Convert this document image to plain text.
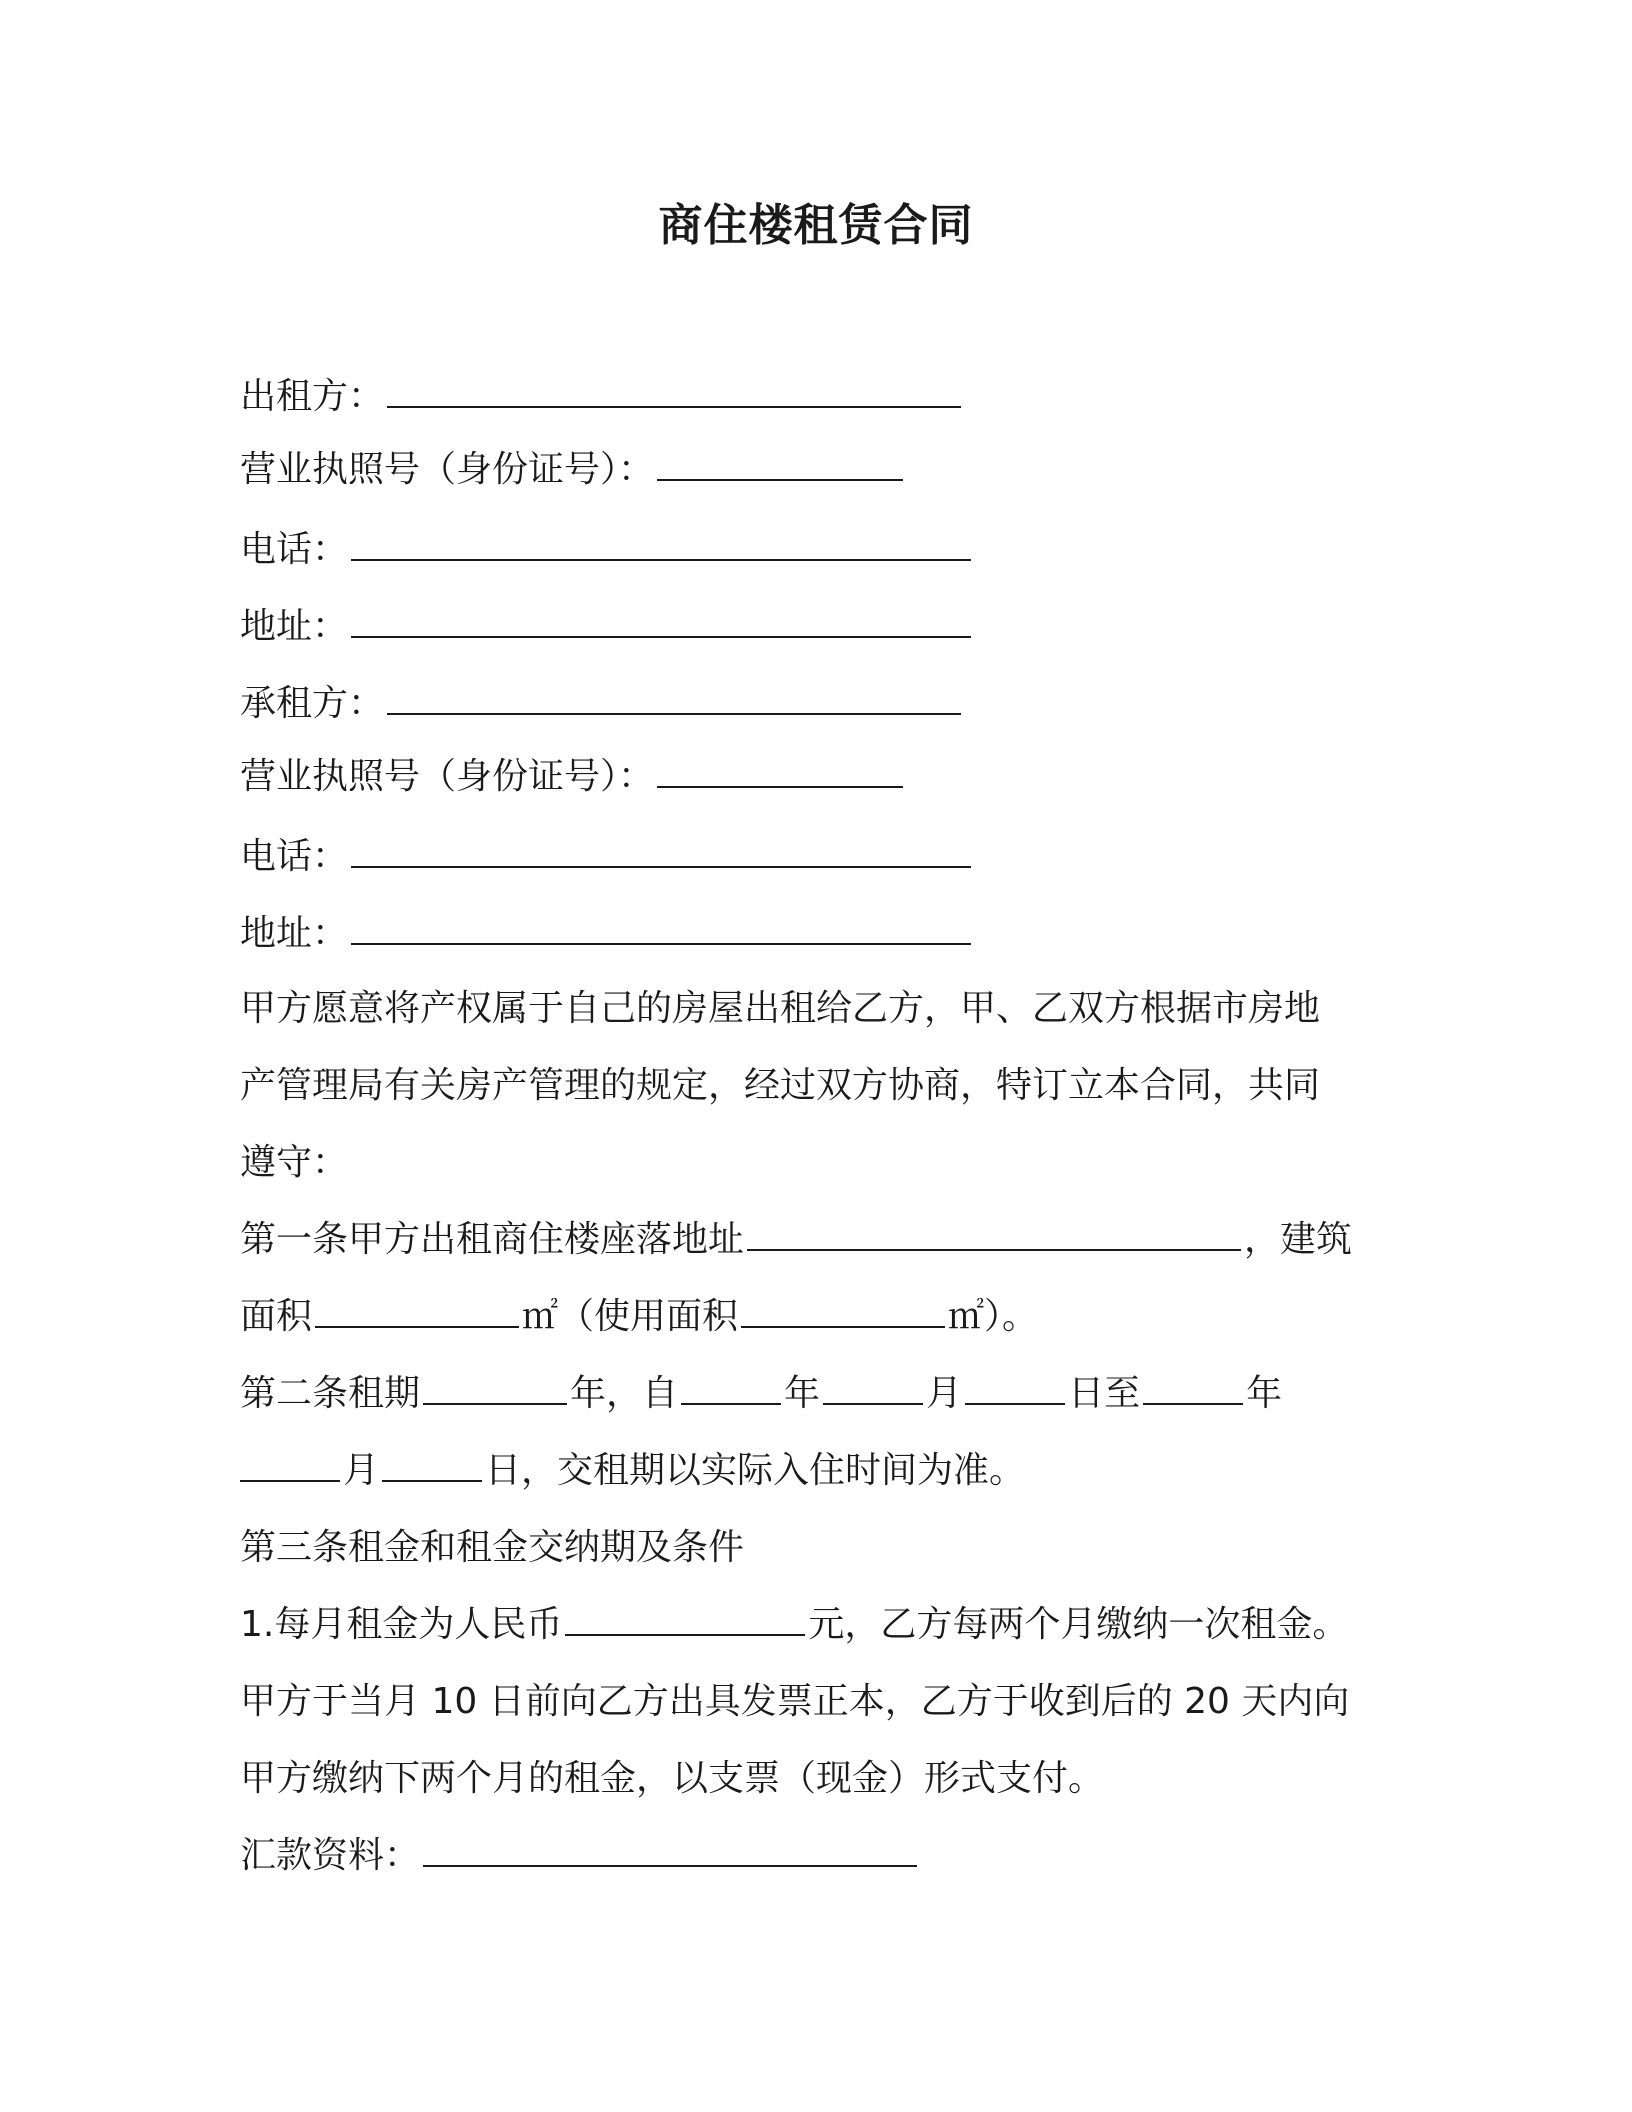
商住楼租赁合同
出租方：
营业执照号（身份证号）：
电话：
地址：
承租方：
营业执照号（身份证号）：
电话：
地址：
甲方愿意将产权属于自己的房屋出租给乙方，甲、乙双方根据市房地
产管理局有关房产管理的规定，经过双方协商，特订立本合同，共同
遵守：
第一条甲方出租商住楼座落地址	，建筑
面积	㎡（使用面积	㎡）。
第二条租期	年，自	年	月	日至	年
月	日，交租期以实际入住时间为准。
第三条租金和租金交纳期及条件
1.每月租金为人民币	元，乙方每两个月缴纳一次租金。
甲方于当月 10 日前向乙方出具发票正本，乙方于收到后的 20 天内向
甲方缴纳下两个月的租金，以支票（现金）形式支付。
汇款资料：
